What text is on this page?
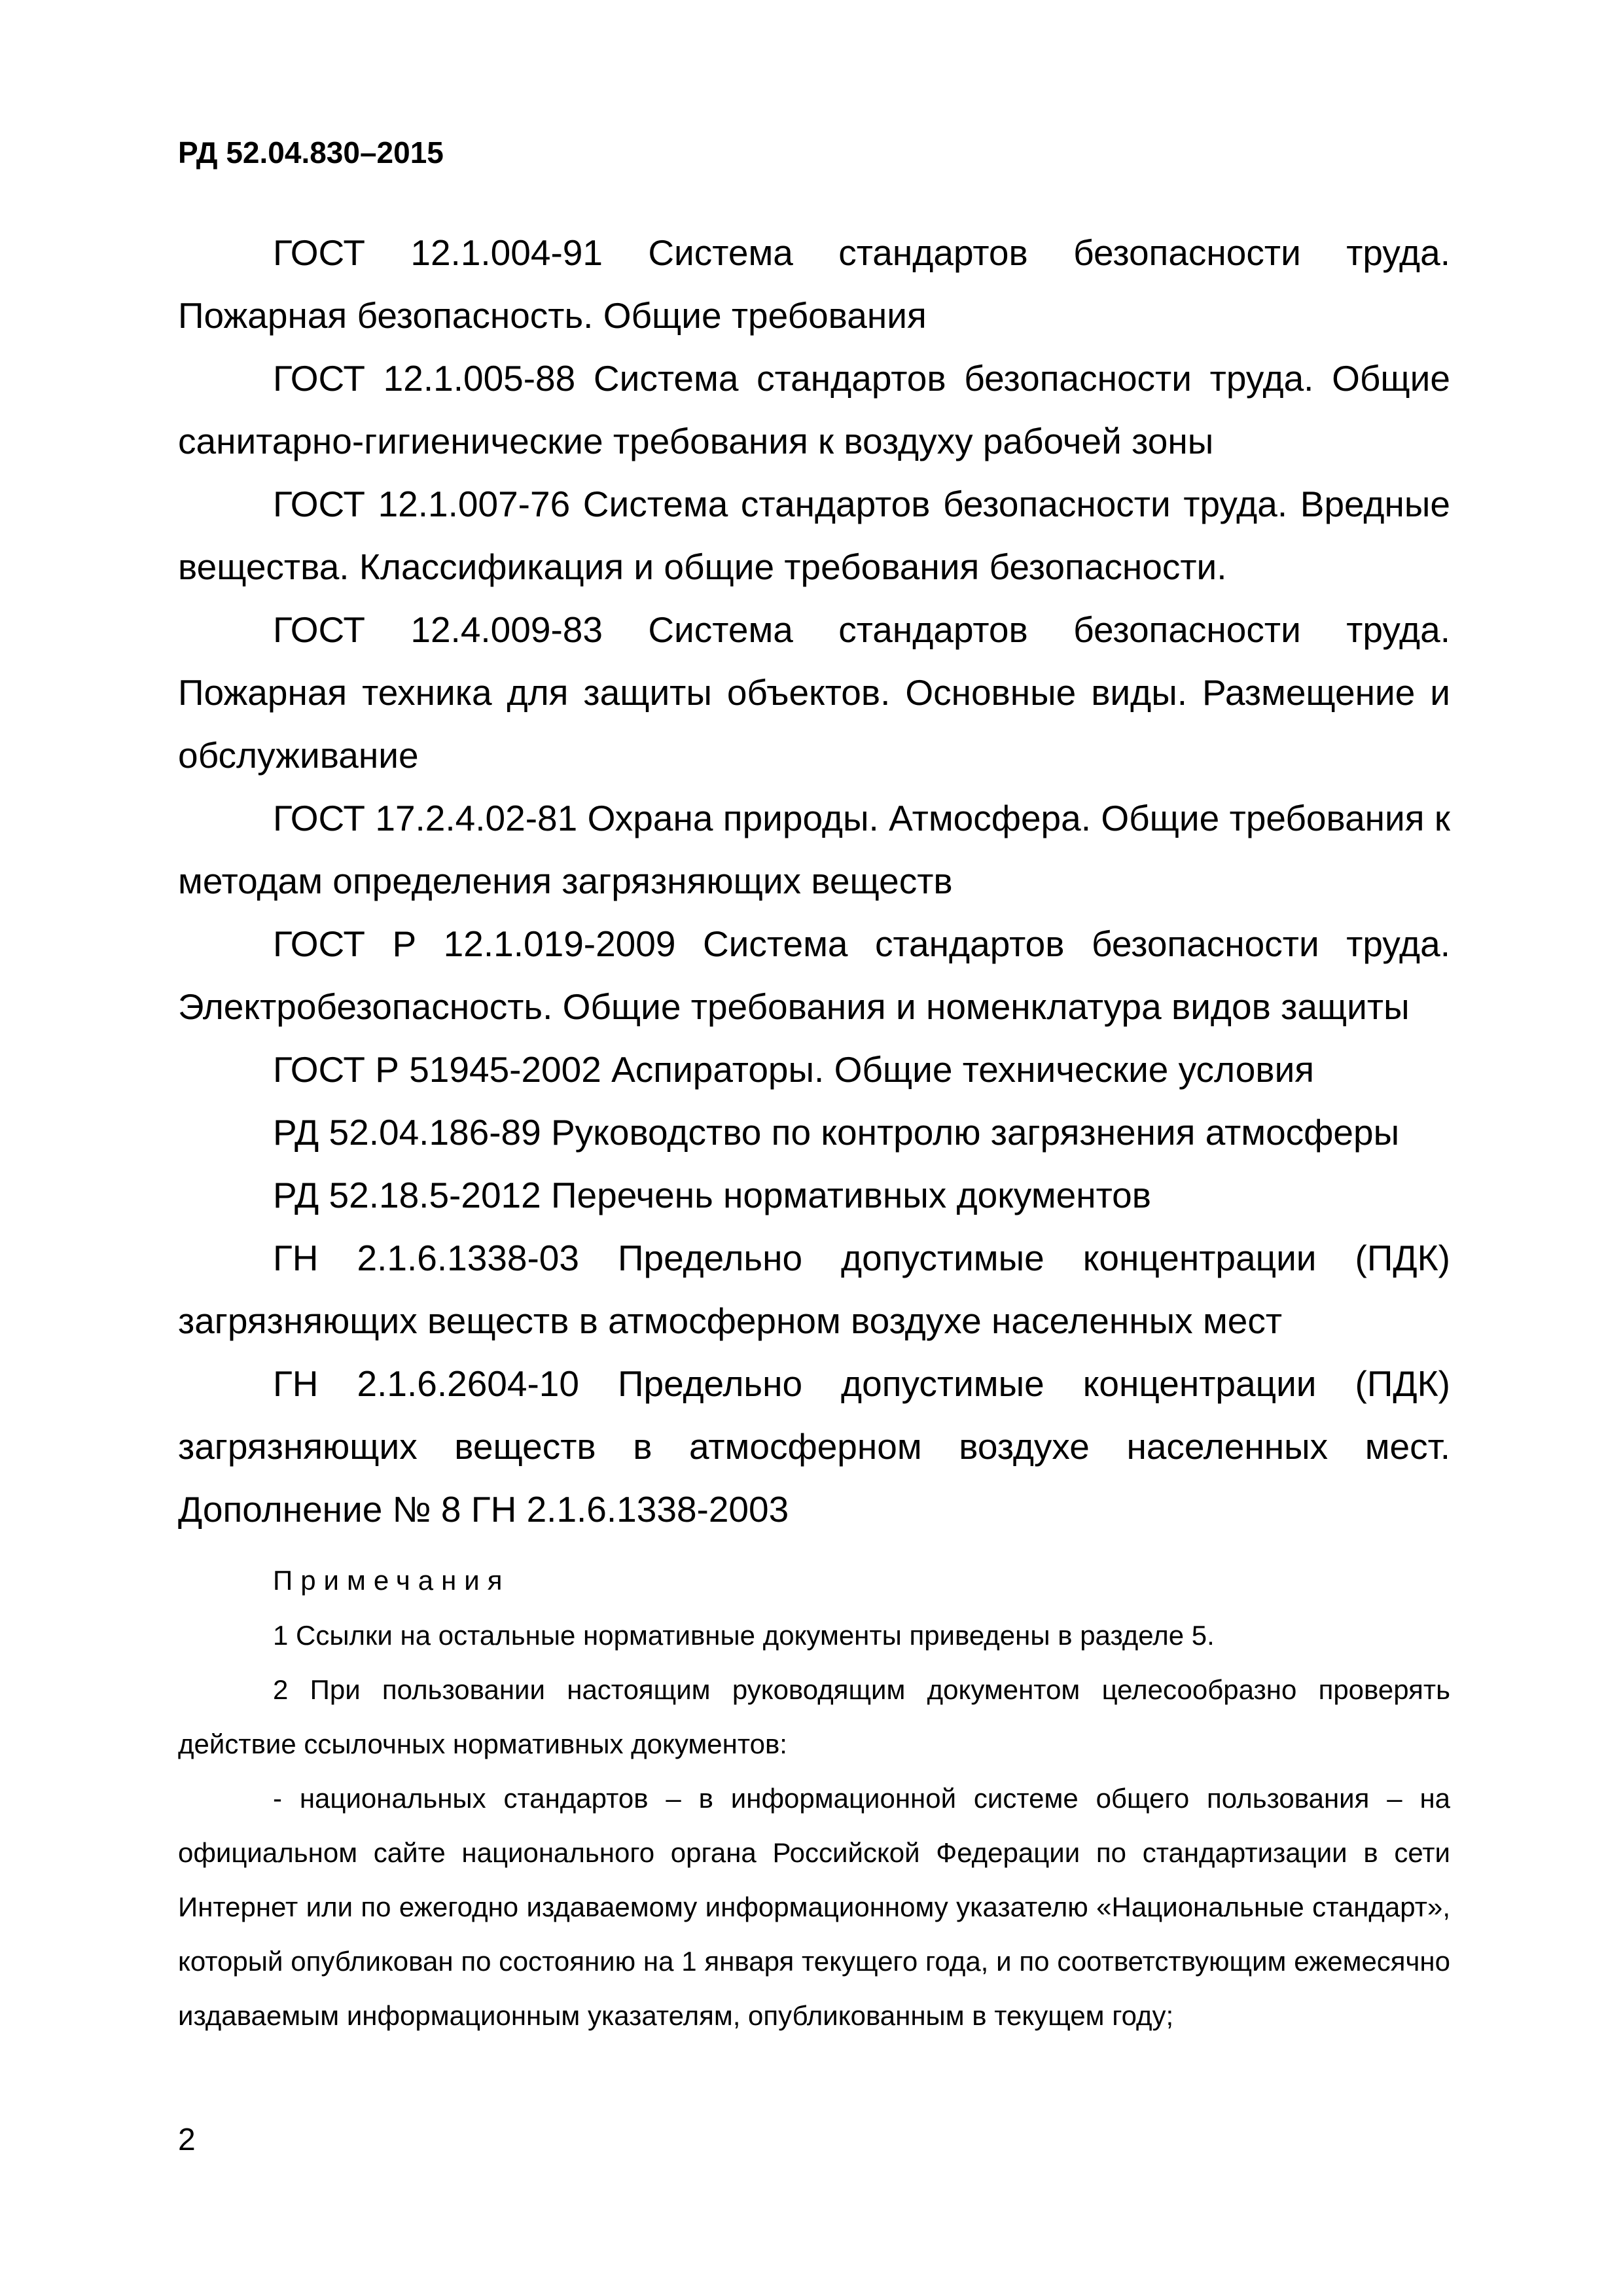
РД 52.04.830–2015

ГОСТ 12.1.004-91 Система стандартов безопасности труда. Пожарная безопасность. Общие требования

ГОСТ 12.1.005-88 Система стандартов безопасности труда. Общие санитарно-гигиенические требования к воздуху рабочей зоны

ГОСТ 12.1.007-76 Система стандартов безопасности труда. Вредные вещества. Классификация и общие требования безопасности.

ГОСТ 12.4.009-83 Система стандартов безопасности труда. Пожарная техника для защиты объектов. Основные виды. Размещение и обслуживание

ГОСТ 17.2.4.02-81 Охрана природы. Атмосфера. Общие требования к методам определения загрязняющих веществ

ГОСТ Р 12.1.019-2009 Система стандартов безопасности труда. Электробезопасность. Общие требования и номенклатура видов защиты

ГОСТ Р 51945-2002 Аспираторы. Общие технические условия

РД 52.04.186-89 Руководство по контролю загрязнения атмосферы

РД 52.18.5-2012 Перечень нормативных документов

ГН 2.1.6.1338-03 Предельно допустимые концентрации (ПДК) загрязняющих веществ в атмосферном воздухе населенных мест

ГН 2.1.6.2604-10 Предельно допустимые концентрации (ПДК) загрязняющих веществ в атмосферном воздухе населенных мест. Дополнение № 8 ГН 2.1.6.1338-2003

Примечания

1 Ссылки на остальные нормативные документы приведены в разделе 5.

2 При пользовании настоящим руководящим документом целесообразно проверять действие ссылочных нормативных документов:

- национальных стандартов – в информационной системе общего пользования – на официальном сайте национального органа Российской Федерации по стандартизации в сети Интернет или по ежегодно издаваемому информационному указателю «Национальные стандарт», который опубликован по состоянию на 1 января текущего года, и по соответствующим ежемесячно издаваемым информационным указателям, опубликованным в текущем году;

2
